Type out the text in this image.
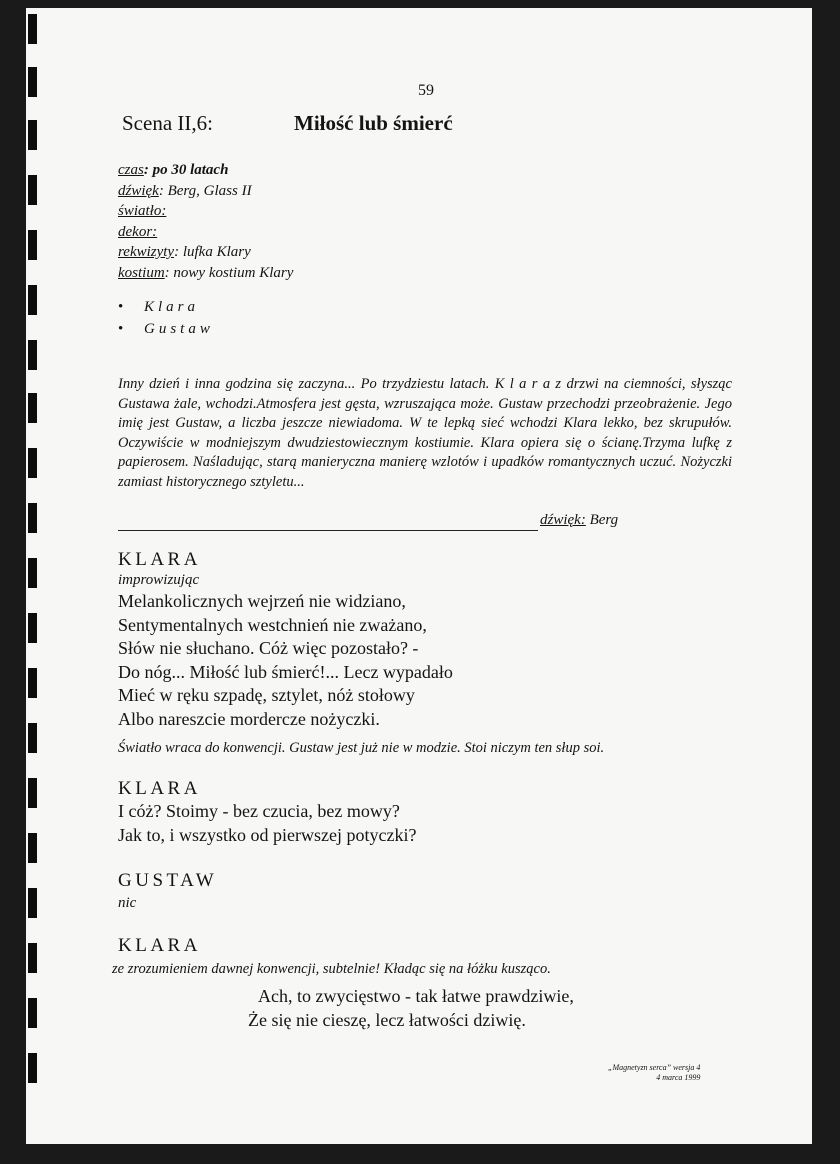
59
Scena II,6:	Miłość lub śmierć
czas: po 30 latach
dźwięk: Berg, Glass II
światło:
dekor:
rekwizyty: lufka Klary
kostium: nowy kostium Klary
• Klara
• Gustaw
Inny dzień i inna godzina się zaczyna... Po trzydziestu latach. K l a r a z drzwi na ciemności, słysząc Gustawa żale, wchodzi.Atmosfera jest gęsta, wzruszająca może. Gustaw przechodzi przeobrażenie. Jego imię jest Gustaw, a liczba jeszcze niewiadoma. W te lepką sieć wchodzi Klara lekko, bez skrupułów. Oczywiście w modniejszym dwudziestowiecznym kostiumie. Klara opiera się o ścianę.Trzyma lufkę z papierosem. Naśladując, starą manieryczna manierę wzlotów i upadków romantycznych uczuć. Nożyczki zamiast historycznego sztyletu...
dźwięk: Berg
KLARA
improwizując
Melankolicznych wejrzeń nie widziano,
Sentymentalnych westchnień nie zważano,
Słów nie słuchano. Cóż więc pozostało? -
Do nóg... Miłość lub śmierć!... Lecz wypadało
Mieć w ręku szpadę, sztylet, nóż stołowy
Albo nareszcie mordercze nożyczki.
Światło wraca do konwencji. Gustaw jest już nie w modzie. Stoi niczym ten słup soi.
KLARA
I cóż? Stoimy - bez czucia, bez mowy?
Jak to, i wszystko od pierwszej potyczki?
GUSTAW
nic
KLARA
ze zrozumieniem dawnej konwencji, subtelnie! Kładąc się na łóżku kusząco.
Ach, to zwycięstwo - tak łatwe prawdziwie,
Że się nie cieszę, lecz łatwości dziwię.
„Magnetyzn serca” wersja 4
4 marca 1999
